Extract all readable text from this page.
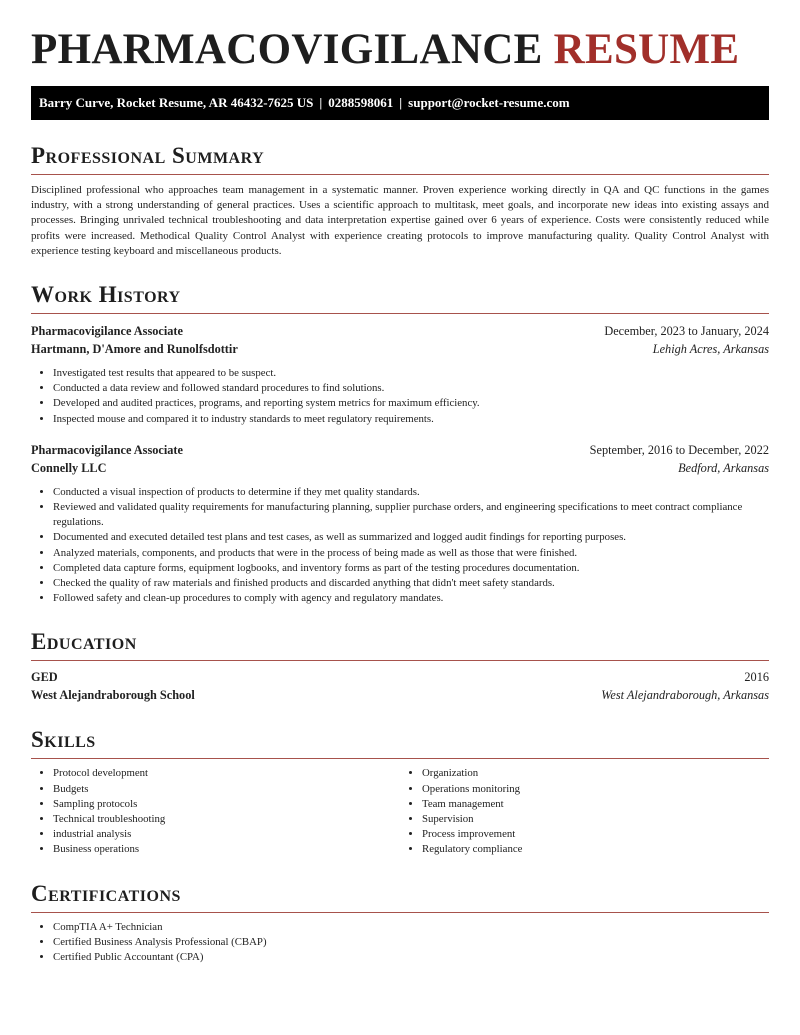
PHARMACOVIGILANCE RESUME
Barry Curve, Rocket Resume, AR 46432-7625 US | 0288598061 | support@rocket-resume.com
Professional Summary
Disciplined professional who approaches team management in a systematic manner. Proven experience working directly in QA and QC functions in the games industry, with a strong understanding of general practices. Uses a scientific approach to multitask, meet goals, and incorporate new ideas into existing assays and processes. Bringing unrivaled technical troubleshooting and data interpretation expertise gained over 6 years of experience. Costs were consistently reduced while profits were increased. Methodical Quality Control Analyst with experience creating protocols to improve manufacturing quality. Quality Control Analyst with experience testing keyboard and miscellaneous products.
Work History
Pharmacovigilance Associate	December, 2023 to January, 2024
Hartmann, D'Amore and Runolfsdottir	Lehigh Acres, Arkansas
• Investigated test results that appeared to be suspect.
• Conducted a data review and followed standard procedures to find solutions.
• Developed and audited practices, programs, and reporting system metrics for maximum efficiency.
• Inspected mouse and compared it to industry standards to meet regulatory requirements.
Pharmacovigilance Associate	September, 2016 to December, 2022
Connelly LLC	Bedford, Arkansas
• Conducted a visual inspection of products to determine if they met quality standards.
• Reviewed and validated quality requirements for manufacturing planning, supplier purchase orders, and engineering specifications to meet contract compliance regulations.
• Documented and executed detailed test plans and test cases, as well as summarized and logged audit findings for reporting purposes.
• Analyzed materials, components, and products that were in the process of being made as well as those that were finished.
• Completed data capture forms, equipment logbooks, and inventory forms as part of the testing procedures documentation.
• Checked the quality of raw materials and finished products and discarded anything that didn't meet safety standards.
• Followed safety and clean-up procedures to comply with agency and regulatory mandates.
Education
GED	2016
West Alejandraborough School	West Alejandraborough, Arkansas
Skills
• Protocol development
• Budgets
• Sampling protocols
• Technical troubleshooting
• industrial analysis
• Business operations
• Organization
• Operations monitoring
• Team management
• Supervision
• Process improvement
• Regulatory compliance
Certifications
• CompTIA A+ Technician
• Certified Business Analysis Professional (CBAP)
• Certified Public Accountant (CPA)
